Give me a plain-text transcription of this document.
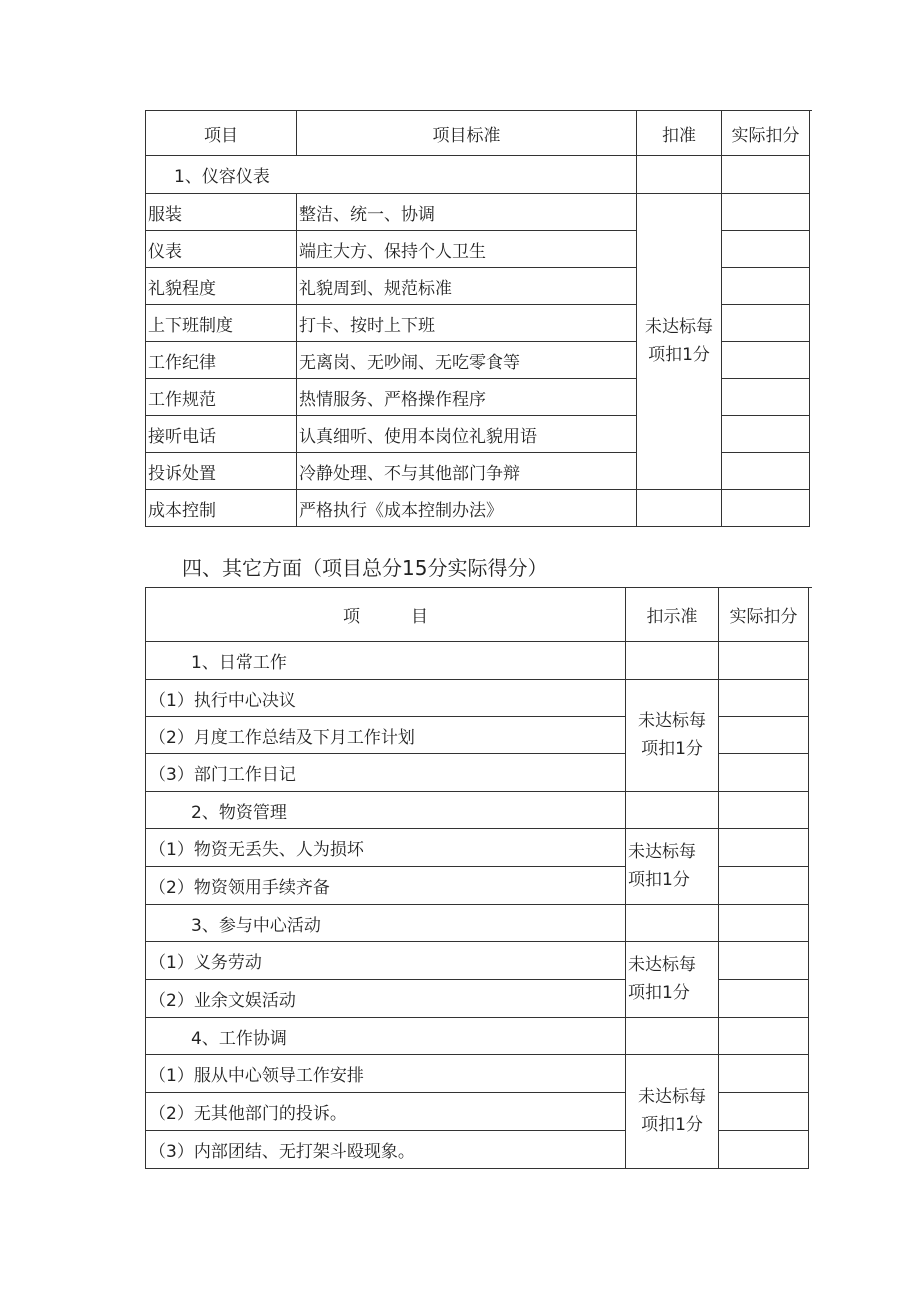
项目	项目标准	扣准	实际扣分
1、仪容仪表
未达标每项扣1分
服装	整洁、统一、协调
仪表	端庄大方、保持个人卫生
礼貌程度	礼貌周到、规范标准
上下班制度	打卡、按时上下班
工作纪律	无离岗、无吵闹、无吃零食等
工作规范	热情服务、严格操作程序
接听电话	认真细听、使用本岗位礼貌用语
投诉处置	冷静处理、不与其他部门争辩
成本控制	严格执行《成本控制办法》
四、其它方面（项目总分15分实际得分）
项　　　目	扣示准	实际扣分
1、日常工作
（1）执行中心决议
（2）月度工作总结及下月工作计划
（3）部门工作日记
未达标每项扣1分
2、物资管理
（1）物资无丢失、人为损坏
（2）物资领用手续齐备
未达标每项扣1分
3、参与中心活动
（1）义务劳动
（2）业余文娱活动
未达标每项扣1分
4、工作协调
（1）服从中心领导工作安排
（2）无其他部门的投诉。
（3）内部团结、无打架斗殴现象。
未达标每项扣1分
